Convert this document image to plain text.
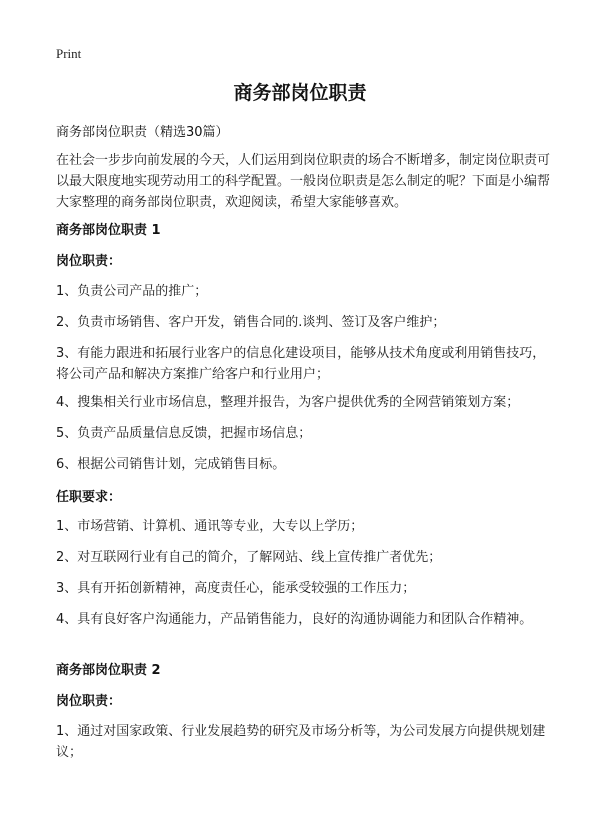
Print
商务部岗位职责
商务部岗位职责（精选30篇）
在社会一步步向前发展的今天，人们运用到岗位职责的场合不断增多，制定岗位职责可以最大限度地实现劳动用工的科学配置。一般岗位职责是怎么制定的呢？下面是小编帮大家整理的商务部岗位职责，欢迎阅读，希望大家能够喜欢。
商务部岗位职责 1
岗位职责：
1、负责公司产品的推广；
2、负责市场销售、客户开发，销售合同的.谈判、签订及客户维护；
3、有能力跟进和拓展行业客户的信息化建设项目，能够从技术角度或利用销售技巧，将公司产品和解决方案推广给客户和行业用户；
4、搜集相关行业市场信息，整理并报告，为客户提供优秀的全网营销策划方案；
5、负责产品质量信息反馈，把握市场信息；
6、根据公司销售计划，完成销售目标。
任职要求：
1、市场营销、计算机、通讯等专业，大专以上学历；
2、对互联网行业有自己的简介，了解网站、线上宣传推广者优先；
3、具有开拓创新精神，高度责任心，能承受较强的工作压力；
4、具有良好客户沟通能力，产品销售能力，良好的沟通协调能力和团队合作精神。
商务部岗位职责 2
岗位职责：
1、通过对国家政策、行业发展趋势的研究及市场分析等，为公司发展方向提供规划建议；
